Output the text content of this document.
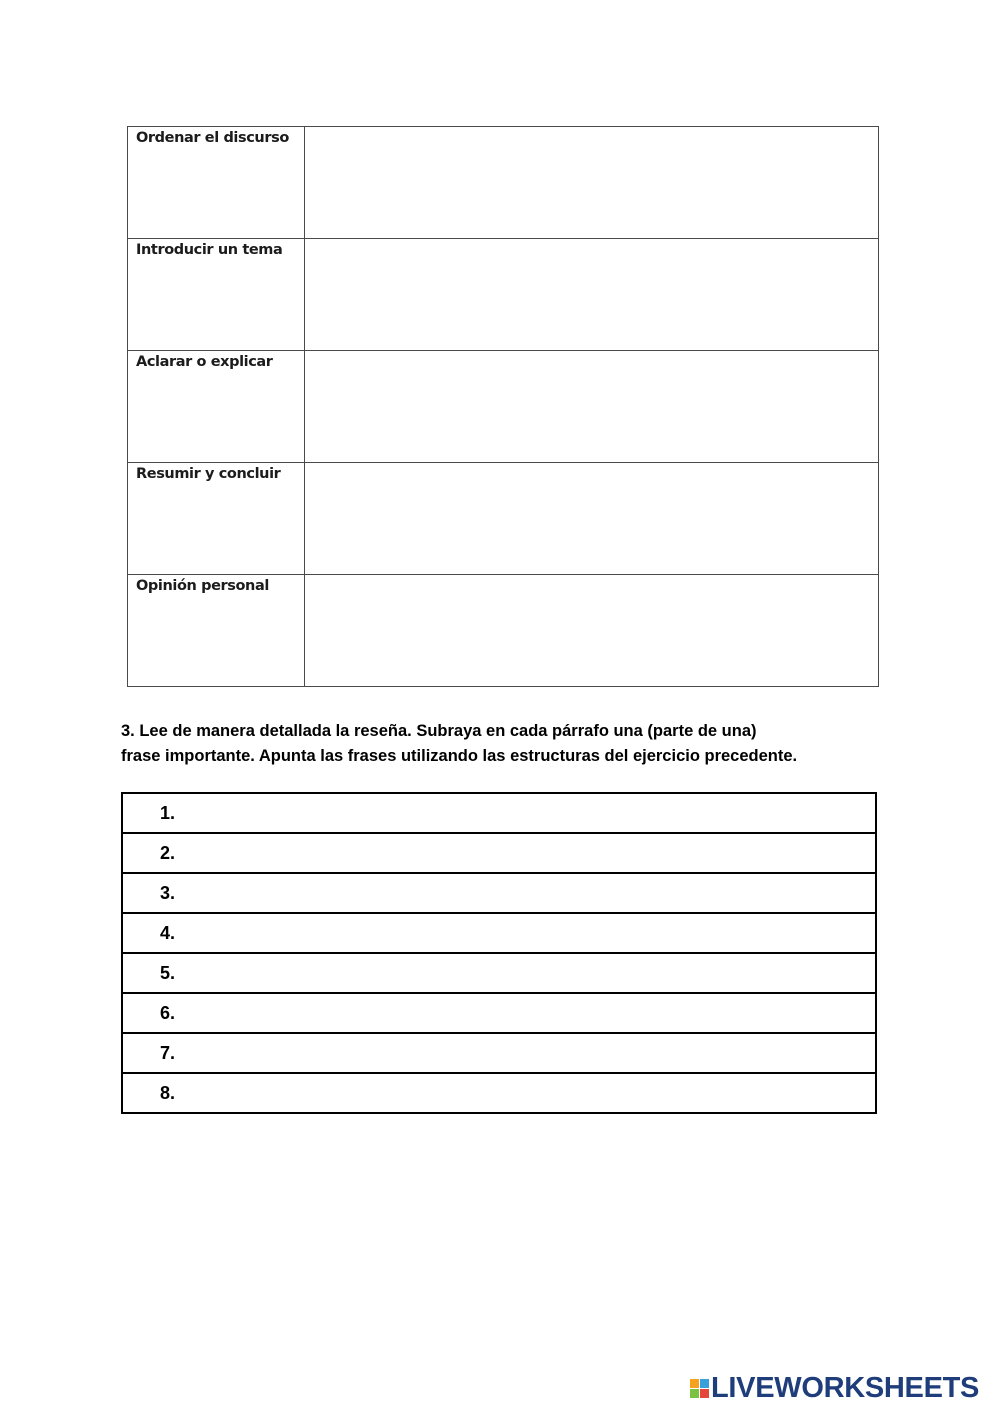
Ordenar el discurso	

Introducir un tema	

Aclarar o explicar	

Resumir y concluir	

Opinión personal	

3. Lee de manera detallada la reseña. Subraya en cada párrafo una (parte de una)
frase importante. Apunta las frases utilizando las estructuras del ejercicio precedente.

1.
2.
3.
4.
5.
6.
7.
8.
LIVEWORKSHEETS
